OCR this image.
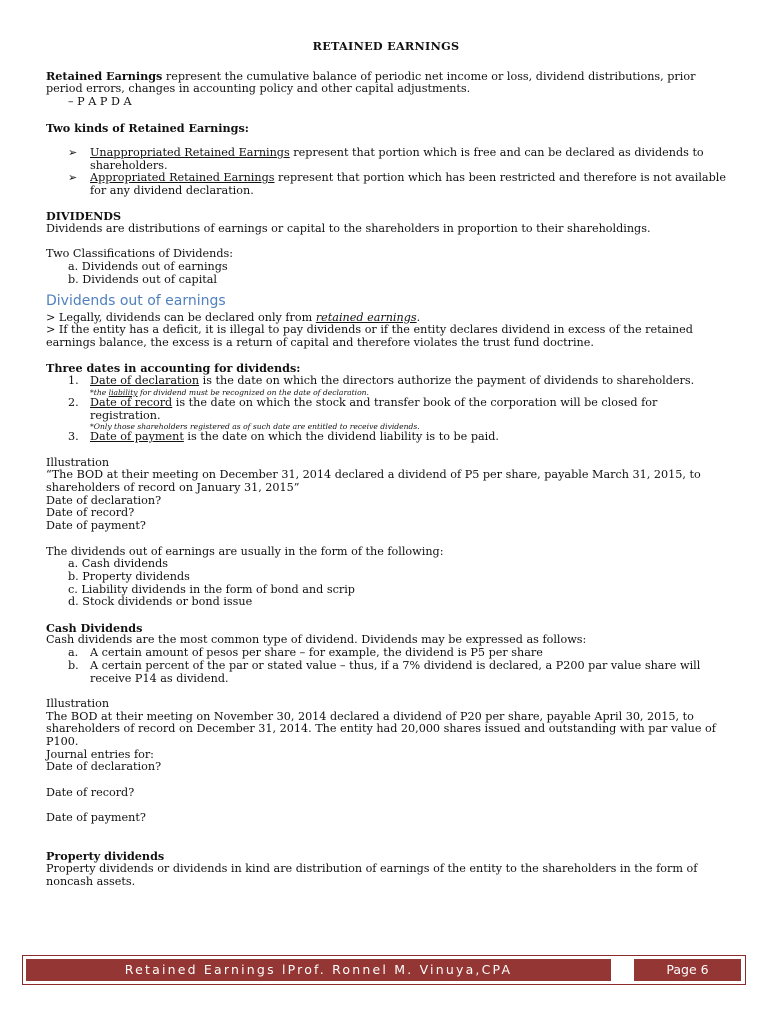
RETAINED EARNINGS

Retained Earnings represent the cumulative balance of periodic net income or loss, dividend distributions, prior period errors, changes in accounting policy and other capital adjustments.

– P A P D A

Two kinds of Retained Earnings:

➢ Unappropriated Retained Earnings represent that portion which is free and can be declared as dividends to shareholders.
➢ Appropriated Retained Earnings represent that portion which has been restricted and therefore is not available for any dividend declaration.

DIVIDENDS

Dividends are distributions of earnings or capital to the shareholders in proportion to their shareholdings.

Two Classifications of Dividends:

a. Dividends out of earnings

b. Dividends out of capital

Dividends out of earnings

> Legally, dividends can be declared only from retained earnings.

> If the entity has a deficit, it is illegal to pay dividends or if the entity declares dividend in excess of the retained earnings balance, the excess is a return of capital and therefore violates the trust fund doctrine.

Three dates in accounting for dividends:

1. Date of declaration is the date on which the directors authorize the payment of dividends to shareholders.

*the liability for dividend must be recognized on the date of declaration.

2. Date of record is the date on which the stock and transfer book of the corporation will be closed for registration.

*Only those shareholders registered as of such date are entitled to receive dividends.

3. Date of payment is the date on which the dividend liability is to be paid.

Illustration

“The BOD at their meeting on December 31, 2014 declared a dividend of P5 per share, payable March 31, 2015, to shareholders of record on January 31, 2015”

Date of declaration?

Date of record?

Date of payment?

The dividends out of earnings are usually in the form of the following:

a. Cash dividends

b. Property dividends

c. Liability dividends in the form of bond and scrip

d. Stock dividends or bond issue

Cash Dividends

Cash dividends are the most common type of dividend. Dividends may be expressed as follows:

a. A certain amount of pesos per share – for example, the dividend is P5 per share
b. A certain percent of the par or stated value – thus, if a 7% dividend is declared, a P200 par value share will receive P14 as dividend.

Illustration

The BOD at their meeting on November 30, 2014 declared a dividend of P20 per share, payable April 30, 2015, to shareholders of record on December 31, 2014. The entity had 20,000 shares issued and outstanding with par value of P100.

Journal entries for:

Date of declaration?

Date of record?

Date of payment?

Property dividends

Property dividends or dividends in kind are distribution of earnings of the entity to the shareholders in the form of noncash assets.

Retained Earnings lProf. Ronnel M. Vinuya,CPA	Page 6
